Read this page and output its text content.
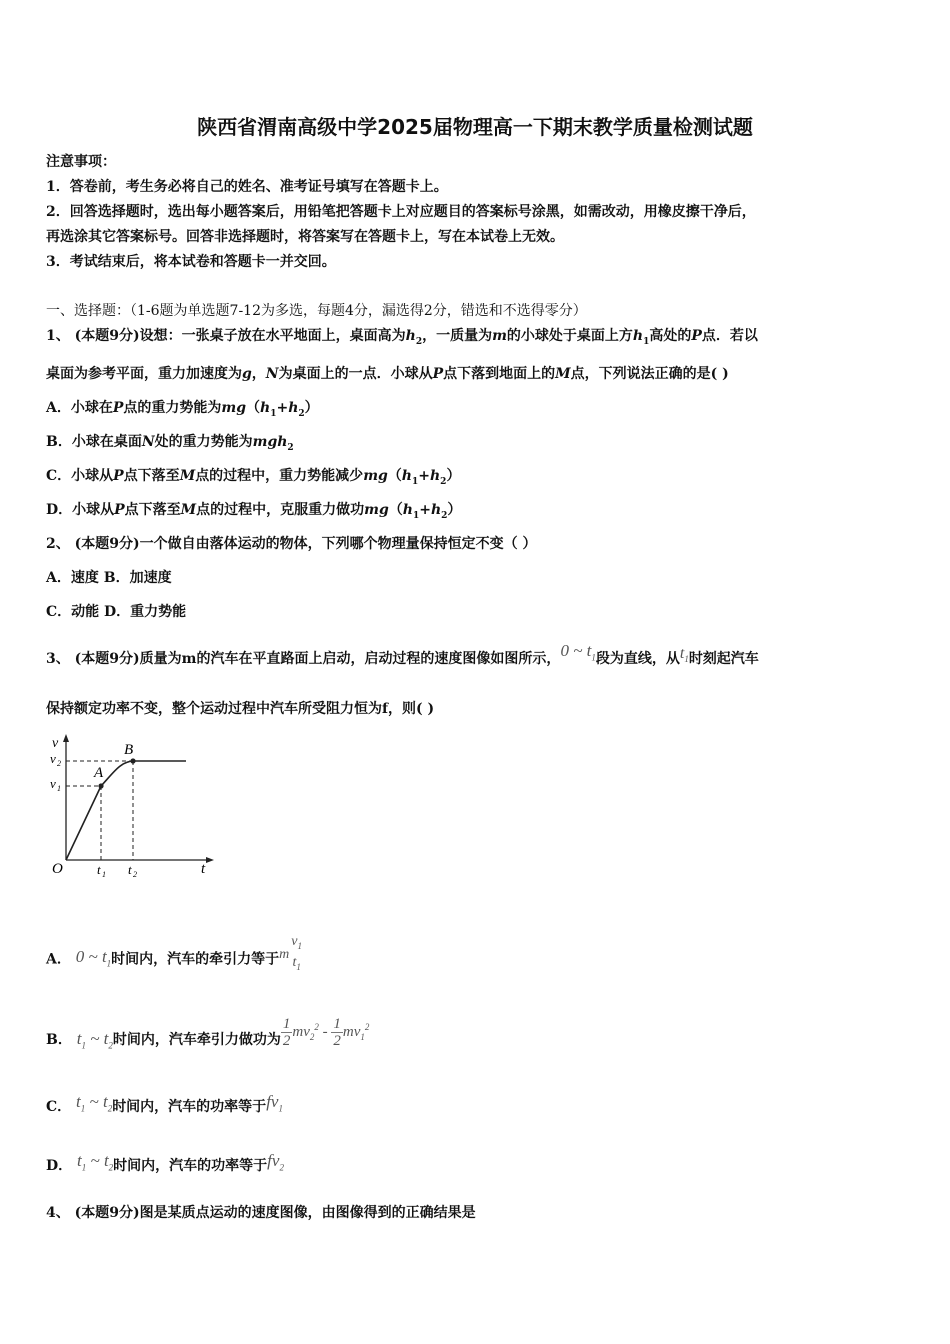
陕西省渭南高级中学2025届物理高一下期末教学质量检测试题
注意事项：
1．答卷前，考生务必将自己的姓名、准考证号填写在答题卡上。
2．回答选择题时，选出每小题答案后，用铅笔把答题卡上对应题目的答案标号涂黑，如需改动，用橡皮擦干净后，
再选涂其它答案标号。回答非选择题时，将答案写在答题卡上，写在本试卷上无效。
3．考试结束后，将本试卷和答题卡一并交回。
一、选择题：（1-6题为单选题7-12为多选，每题4分，漏选得2分，错选和不选得零分）
1、 (本题9分)设想：一张桌子放在水平地面上，桌面高为$h_2$，一质量为m的小球处于桌面上方$h_1$高处的P点．若以
桌面为参考平面，重力加速度为g，N为桌面上的一点．小球从P点下落到地面上的M点，下列说法正确的是( )
A．小球在P点的重力势能为$mg(h_1+h_2)$
B．小球在桌面N处的重力势能为mgh$_2$
C．小球从P点下落至M点的过程中，重力势能减少$mg(h_1+h_2)$
D．小球从P点下落至M点的过程中，克服重力做功$mg(h_1+h_2)$
2、 (本题9分)一个做自由落体运动的物体，下列哪个物理量保持恒定不变（ ）
A．速度 B．加速度
C．动能 D．重力势能
3、 (本题9分)质量为m的汽车在平直路面上启动，启动过程的速度图像如图所示，0 ~ $t_1$段为直线，从$t_1$时刻起汽车
保持额定功率不变，整个运动过程中汽车所受阻力恒为f，则( )
v
t
O
A
B
v 1
v 2
t 1 t 2
A． 0 ~ $t_1$时间内，汽车的牵引力等于m
$v_1$
$t_1$
B． $t_1$ ~ $t_2$时间内，汽车牵引力做功为 $\frac{1}{2} mv_2^2 - \frac{1}{2} mv_1^2$
C． $t_1$ ~ $t_2$时间内，汽车的功率等于$fv_1$
D． $t_1$ ~ $t_2$时间内，汽车的功率等于$fv_2$
4、 (本题9分)图是某质点运动的速度图像，由图像得到的正确结果是
